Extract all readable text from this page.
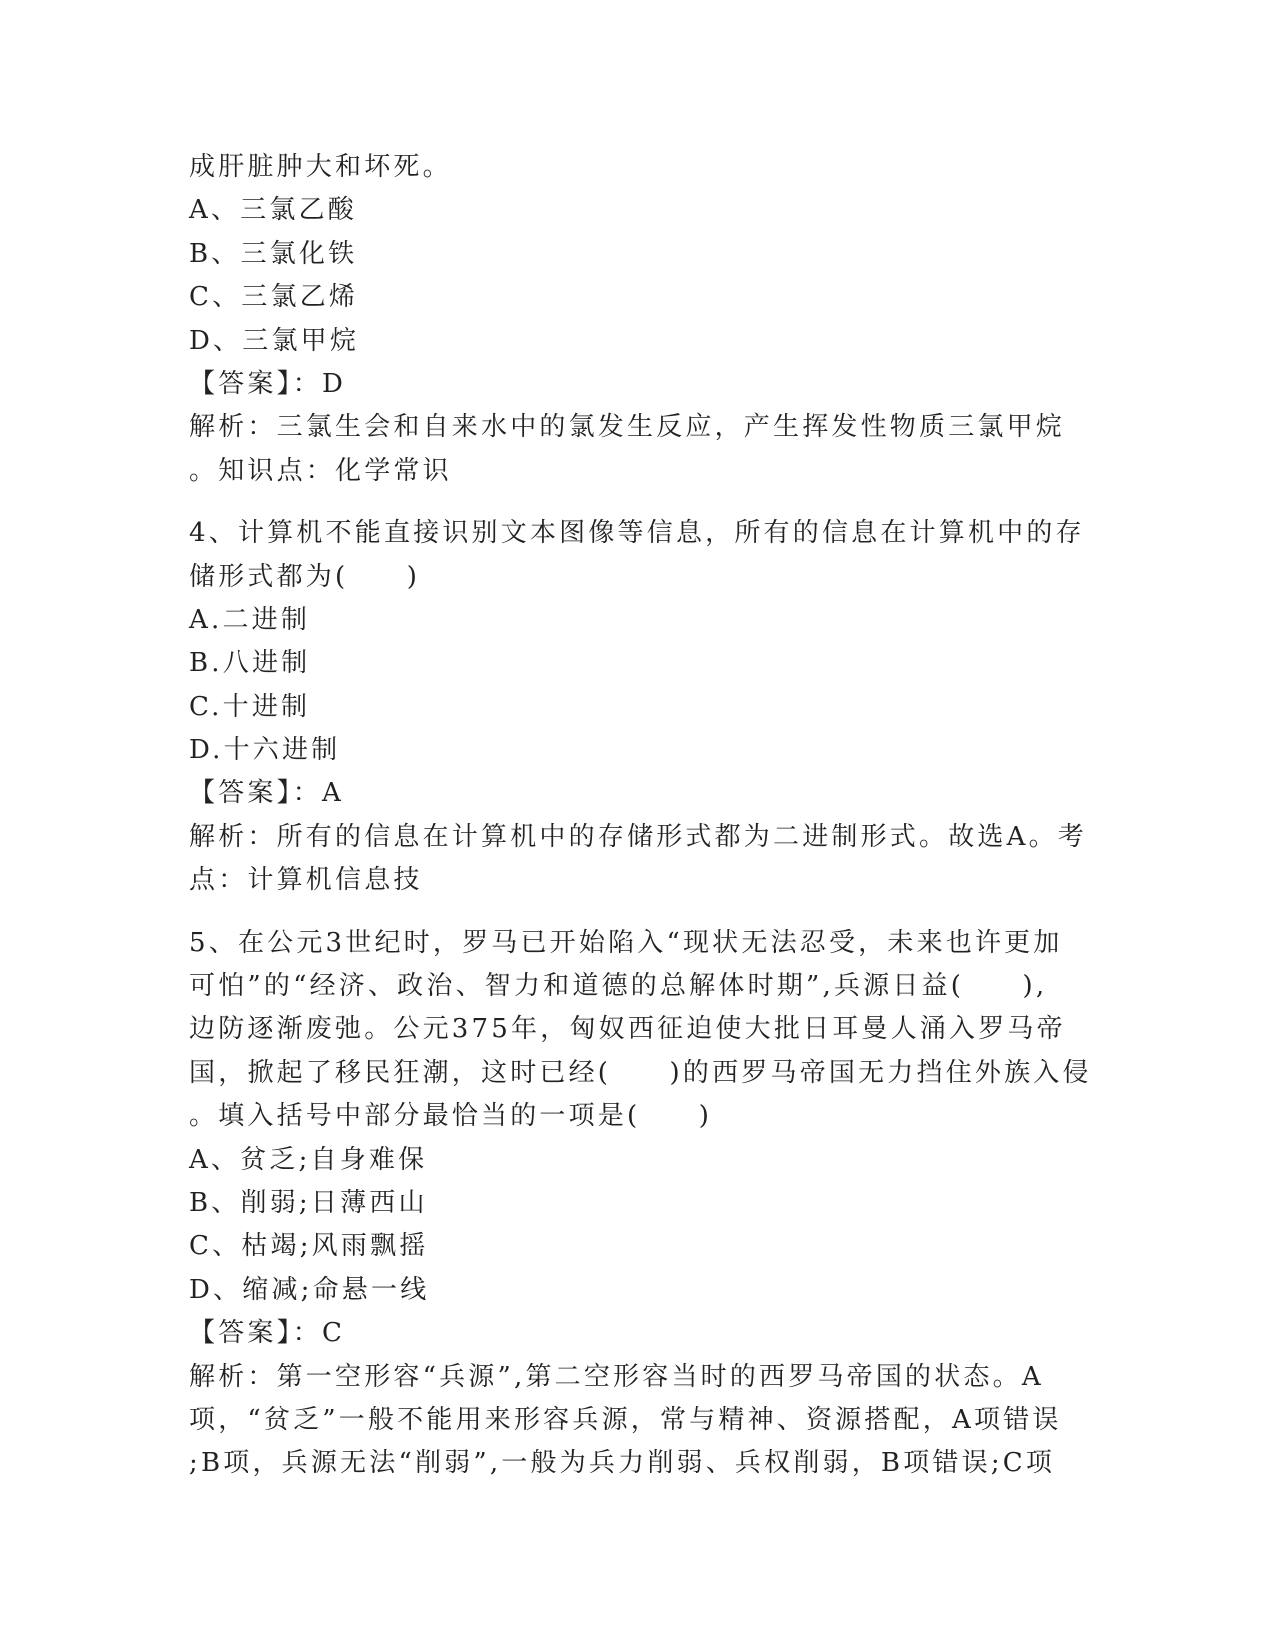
成肝脏肿大和坏死。
A、三氯乙酸
B、三氯化铁
C、三氯乙烯
D、三氯甲烷
【答案】：D
解析：三氯生会和自来水中的氯发生反应，产生挥发性物质三氯甲烷
。知识点：化学常识
4、计算机不能直接识别文本图像等信息，所有的信息在计算机中的存
储形式都为(　　)
A.二进制
B.八进制
C.十进制
D.十六进制
【答案】：A
解析：所有的信息在计算机中的存储形式都为二进制形式。故选A。考
点：计算机信息技
5、在公元3世纪时，罗马已开始陷入“现状无法忍受，未来也许更加
可怕”的“经济、政治、智力和道德的总解体时期”,兵源日益(　　),
边防逐渐废弛。公元375年，匈奴西征迫使大批日耳曼人涌入罗马帝
国，掀起了移民狂潮，这时已经(　　)的西罗马帝国无力挡住外族入侵
。填入括号中部分最恰当的一项是(　　)
A、贫乏;自身难保
B、削弱;日薄西山
C、枯竭;风雨飘摇
D、缩减;命悬一线
【答案】：C
解析：第一空形容“兵源”,第二空形容当时的西罗马帝国的状态。A
项，“贫乏”一般不能用来形容兵源，常与精神、资源搭配，A项错误
;B项，兵源无法“削弱”,一般为兵力削弱、兵权削弱，B项错误;C项
